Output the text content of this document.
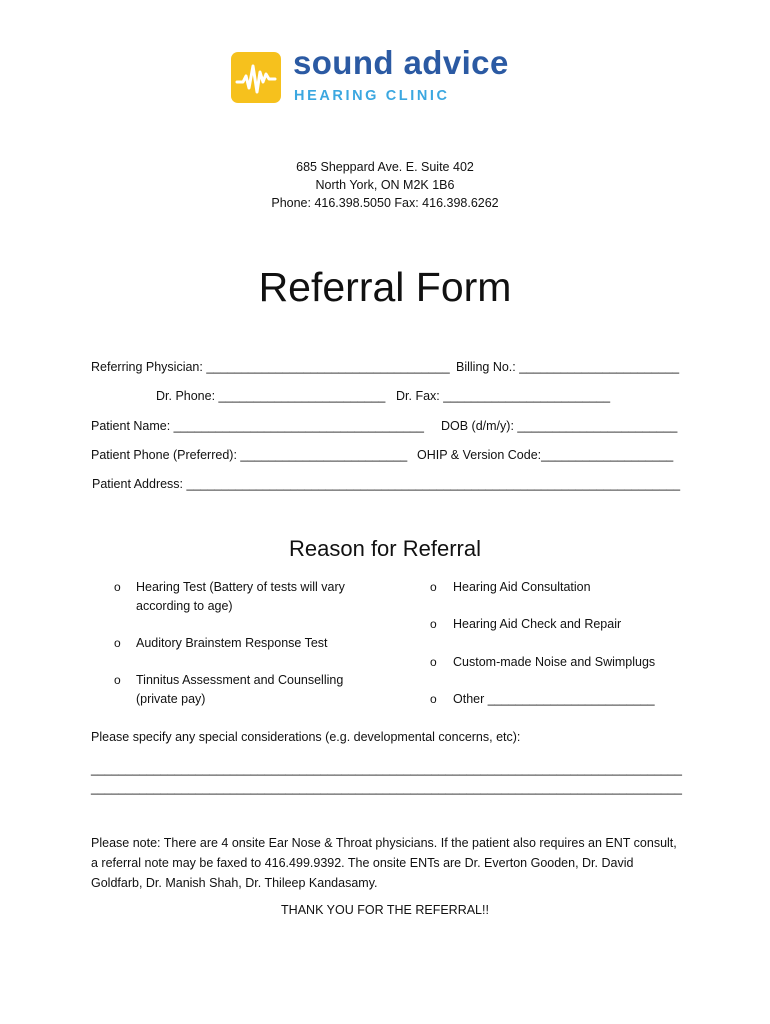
sound advice
HEARING CLINIC
685 Sheppard Ave. E. Suite 402
North York, ON M2K 1B6
Phone: 416.398.5050 Fax: 416.398.6262
Referral Form
Referring Physician: ___________________________________ Billing No.: _______________________
Dr. Phone: ________________________ Dr. Fax: ________________________
Patient Name: ____________________________________ DOB (d/m/y): _______________________
Patient Phone (Preferred): ________________________ OHIP & Version Code:___________________
Patient Address: _______________________________________________________________________
Reason for Referral
o Hearing Test (Battery of tests will vary
according to age)
o Auditory Brainstem Response Test
o Tinnitus Assessment and Counselling
(private pay)
o Hearing Aid Consultation
o Hearing Aid Check and Repair
o Custom-made Noise and Swimplugs
o Other ________________________
Please specify any special considerations (e.g. developmental concerns, etc):
_____________________________________________________________________________________
_____________________________________________________________________________________
Please note: There are 4 onsite Ear Nose & Throat physicians. If the patient also requires an ENT consult,
a referral note may be faxed to 416.499.9392. The onsite ENTs are Dr. Everton Gooden, Dr. David
Goldfarb, Dr. Manish Shah, Dr. Thileep Kandasamy.
THANK YOU FOR THE REFERRAL!!
